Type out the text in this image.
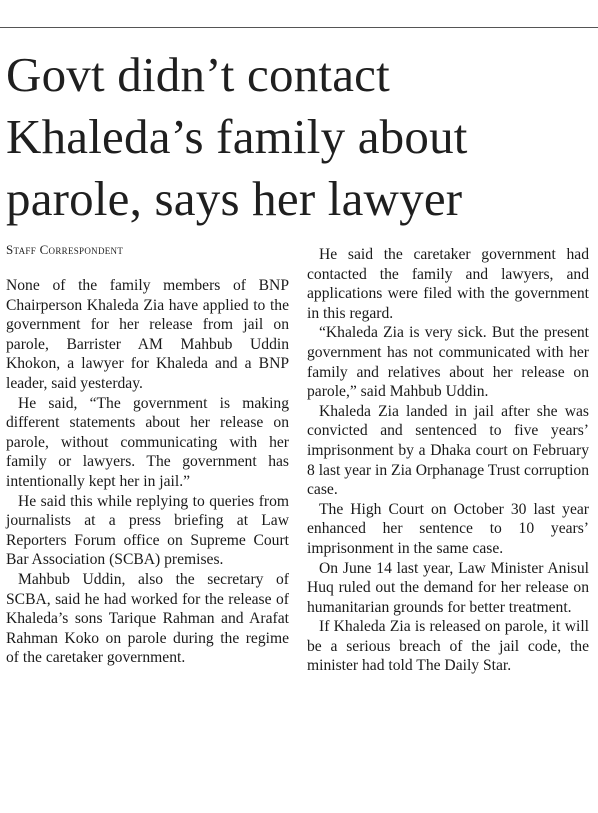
Govt didn’t contact
Khaleda’s family about
parole, says her lawyer
Staff Correspondent

None of the family members of BNP Chairperson Khaleda Zia have applied to the government for her release from jail on parole, Barrister AM Mahbub Uddin Khokon, a lawyer for Khaleda and a BNP leader, said yesterday.

He said, “The government is making different statements about her release on parole, without communicating with her family or lawyers. The government has intentionally kept her in jail.”

He said this while replying to queries from journalists at a press briefing at Law Reporters Forum office on Supreme Court Bar Association (SCBA) premises.

Mahbub Uddin, also the secretary of SCBA, said he had worked for the release of Khaleda’s sons Tarique Rahman and Arafat Rahman Koko on parole during the regime of the caretaker government.

He said the caretaker government had contacted the family and lawyers, and applications were filed with the government in this regard.

“Khaleda Zia is very sick. But the present government has not communicated with her family and relatives about her release on parole,” said Mahbub Uddin.

Khaleda Zia landed in jail after she was convicted and sentenced to five years’ imprisonment by a Dhaka court on February 8 last year in Zia Orphanage Trust corruption case.

The High Court on October 30 last year enhanced her sentence to 10 years’ imprisonment in the same case.

On June 14 last year, Law Minister Anisul Huq ruled out the demand for her release on humanitarian grounds for better treatment.

If Khaleda Zia is released on parole, it will be a serious breach of the jail code, the minister had told The Daily Star.
